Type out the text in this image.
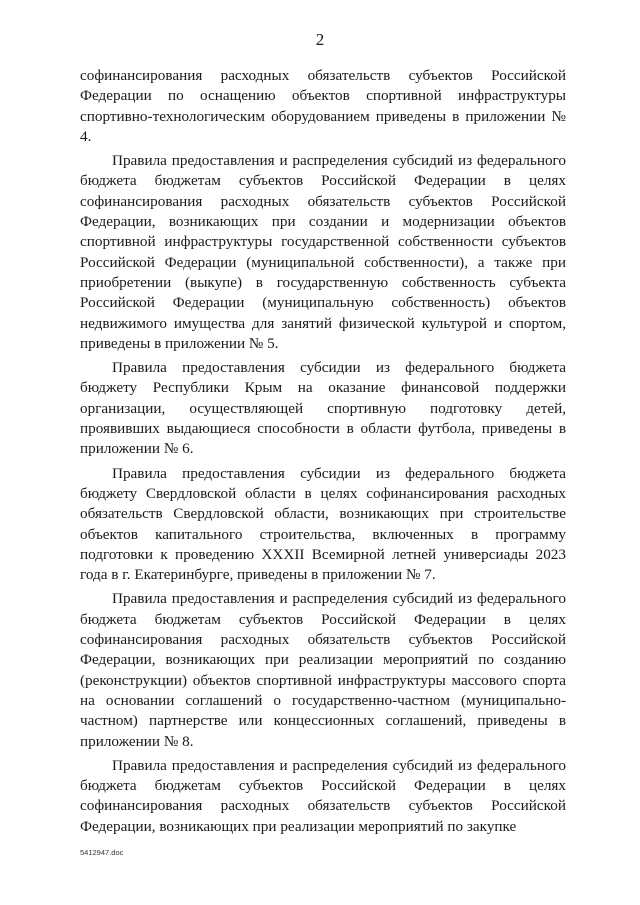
2

софинансирования расходных обязательств субъектов Российской Федерации по оснащению объектов спортивной инфраструктуры спортивно-технологическим оборудованием приведены в приложении № 4.

Правила предоставления и распределения субсидий из федерального бюджета бюджетам субъектов Российской Федерации в целях софинансирования расходных обязательств субъектов Российской Федерации, возникающих при создании и модернизации объектов спортивной инфраструктуры государственной собственности субъектов Российской Федерации (муниципальной собственности), а также при приобретении (выкупе) в государственную собственность субъекта Российской Федерации (муниципальную собственность) объектов недвижимого имущества для занятий физической культурой и спортом, приведены в приложении № 5.

Правила предоставления субсидии из федерального бюджета бюджету Республики Крым на оказание финансовой поддержки организации, осуществляющей спортивную подготовку детей, проявивших выдающиеся способности в области футбола, приведены в приложении № 6.

Правила предоставления субсидии из федерального бюджета бюджету Свердловской области в целях софинансирования расходных обязательств Свердловской области, возникающих при строительстве объектов капитального строительства, включенных в программу подготовки к проведению XXXII Всемирной летней универсиады 2023 года в г. Екатеринбурге, приведены в приложении № 7.

Правила предоставления и распределения субсидий из федерального бюджета бюджетам субъектов Российской Федерации в целях софинансирования расходных обязательств субъектов Российской Федерации, возникающих при реализации мероприятий по созданию (реконструкции) объектов спортивной инфраструктуры массового спорта на основании соглашений о государственно-частном (муниципально-частном) партнерстве или концессионных соглашений, приведены в приложении № 8.

Правила предоставления и распределения субсидий из федерального бюджета бюджетам субъектов Российской Федерации в целях софинансирования расходных обязательств субъектов Российской Федерации, возникающих при реализации мероприятий по закупке

5412947.doc
